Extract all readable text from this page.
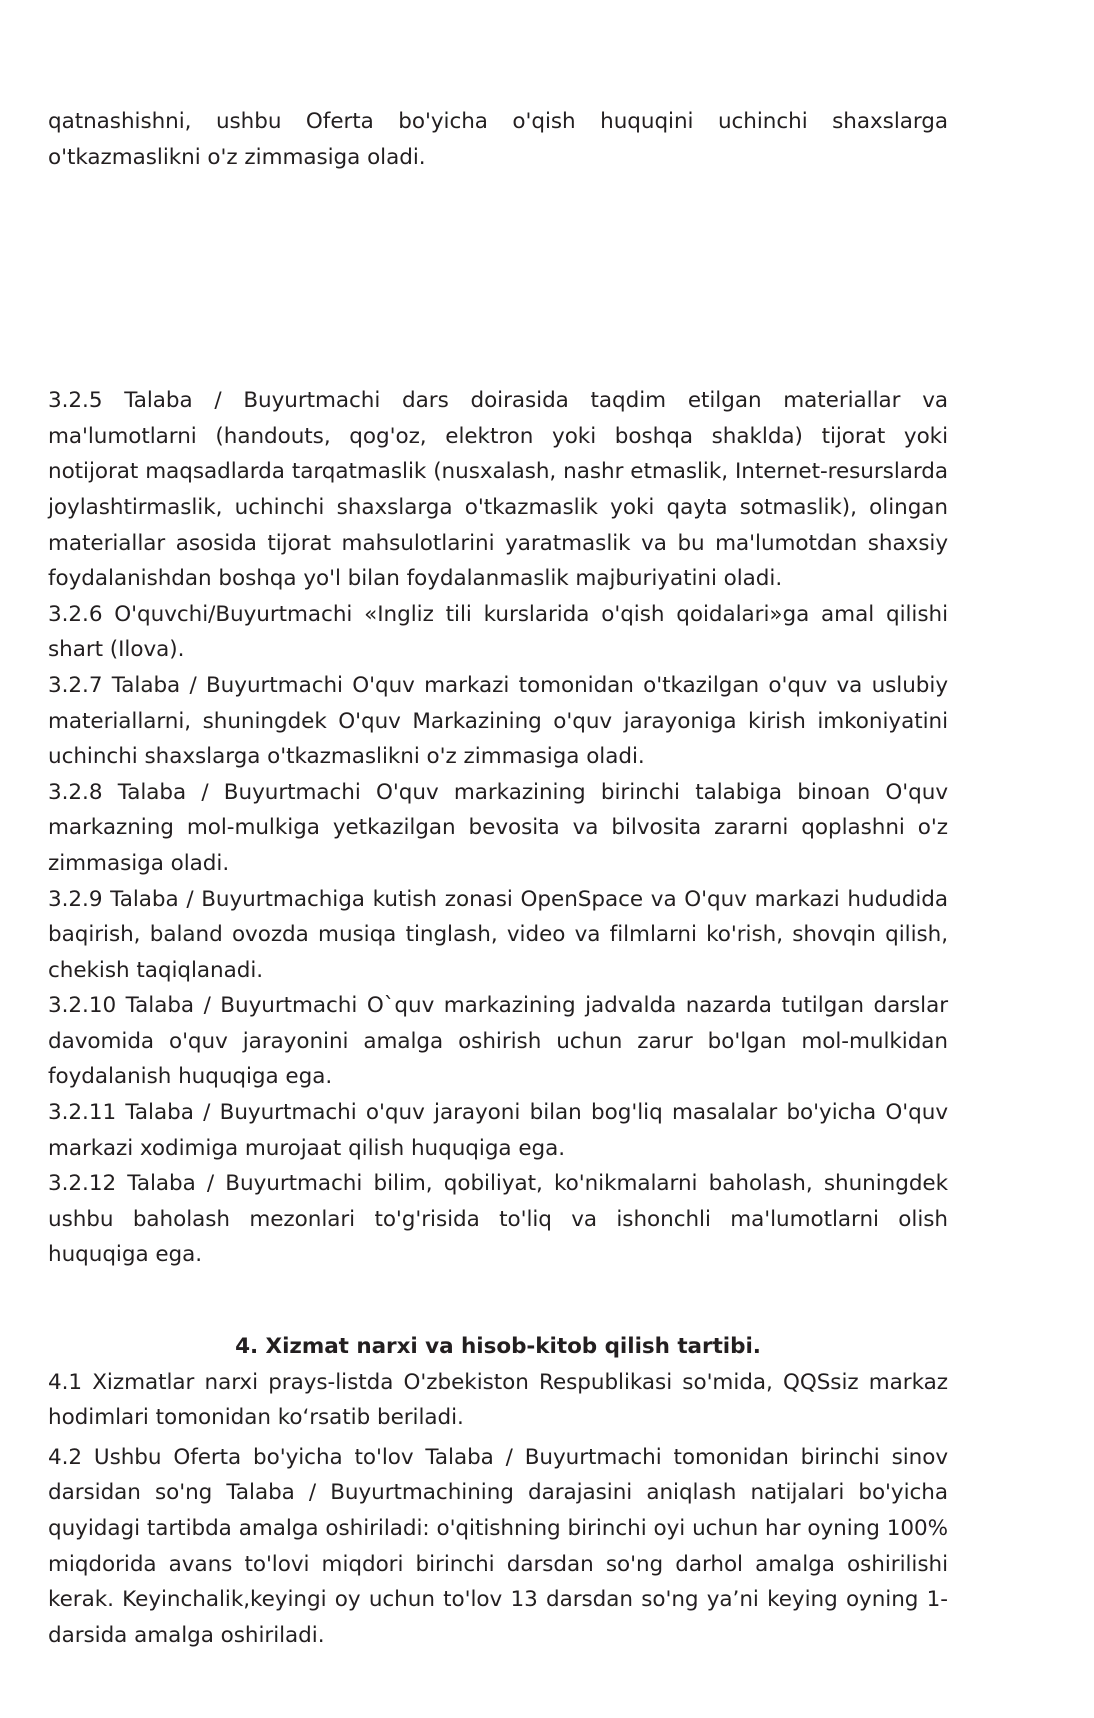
qatnashishni, ushbu Oferta bo'yicha o'qish huquqini uchinchi shaxslarga o'tkazmaslikni o'z zimmasiga oladi.

3.2.5 Talaba / Buyurtmachi dars doirasida taqdim etilgan materiallar va ma'lumotlarni (handouts, qog'oz, elektron yoki boshqa shaklda) tijorat yoki notijorat maqsadlarda tarqatmaslik (nusxalash, nashr etmaslik, Internet-resurslarda joylashtirmaslik, uchinchi shaxslarga o'tkazmaslik yoki qayta sotmaslik), olingan materiallar asosida tijorat mahsulotlarini yaratmaslik va bu ma'lumotdan shaxsiy foydalanishdan boshqa yo'l bilan foydalanmaslik majburiyatini oladi.

3.2.6 O'quvchi/Buyurtmachi «Ingliz tili kurslarida o'qish qoidalari»ga amal qilishi shart (Ilova).

3.2.7 Talaba / Buyurtmachi O'quv markazi tomonidan o'tkazilgan o'quv va uslubiy materiallarni, shuningdek O'quv Markazining o'quv jarayoniga kirish imkoniyatini uchinchi shaxslarga o'tkazmaslikni o'z zimmasiga oladi.

3.2.8 Talaba / Buyurtmachi O'quv markazining birinchi talabiga binoan O'quv markazning mol-mulkiga yetkazilgan bevosita va bilvosita zararni qoplashni o'z zimmasiga oladi.

3.2.9 Talaba / Buyurtmachiga kutish zonasi OpenSpace va O'quv markazi hududida baqirish, baland ovozda musiqa tinglash, video va filmlarni ko'rish, shovqin qilish, chekish taqiqlanadi.

3.2.10 Talaba / Buyurtmachi O`quv markazining jadvalda nazarda tutilgan darslar davomida o'quv jarayonini amalga oshirish uchun zarur bo'lgan mol-mulkidan foydalanish huquqiga ega.

3.2.11 Talaba / Buyurtmachi o'quv jarayoni bilan bog'liq masalalar bo'yicha O'quv markazi xodimiga murojaat qilish huquqiga ega.

3.2.12 Talaba / Buyurtmachi bilim, qobiliyat, ko'nikmalarni baholash, shuningdek ushbu baholash mezonlari to'g'risida to'liq va ishonchli ma'lumotlarni olish huquqiga ega.

4. Xizmat narxi va hisob-kitob qilish tartibi.

4.1 Xizmatlar narxi prays-listda O'zbekiston Respublikasi so'mida, QQSsiz markaz hodimlari tomonidan ko‘rsatib beriladi.

4.2 Ushbu Oferta bo'yicha to'lov Talaba / Buyurtmachi tomonidan birinchi sinov darsidan so'ng Talaba / Buyurtmachining darajasini aniqlash natijalari bo'yicha quyidagi tartibda amalga oshiriladi: o'qitishning birinchi oyi uchun har oyning 100% miqdorida avans to'lovi miqdori birinchi darsdan so'ng darhol amalga oshirilishi kerak. Keyinchalik,keyingi oy uchun to'lov 13 darsdan so'ng ya’ni keying oyning 1-darsida amalga oshiriladi.
